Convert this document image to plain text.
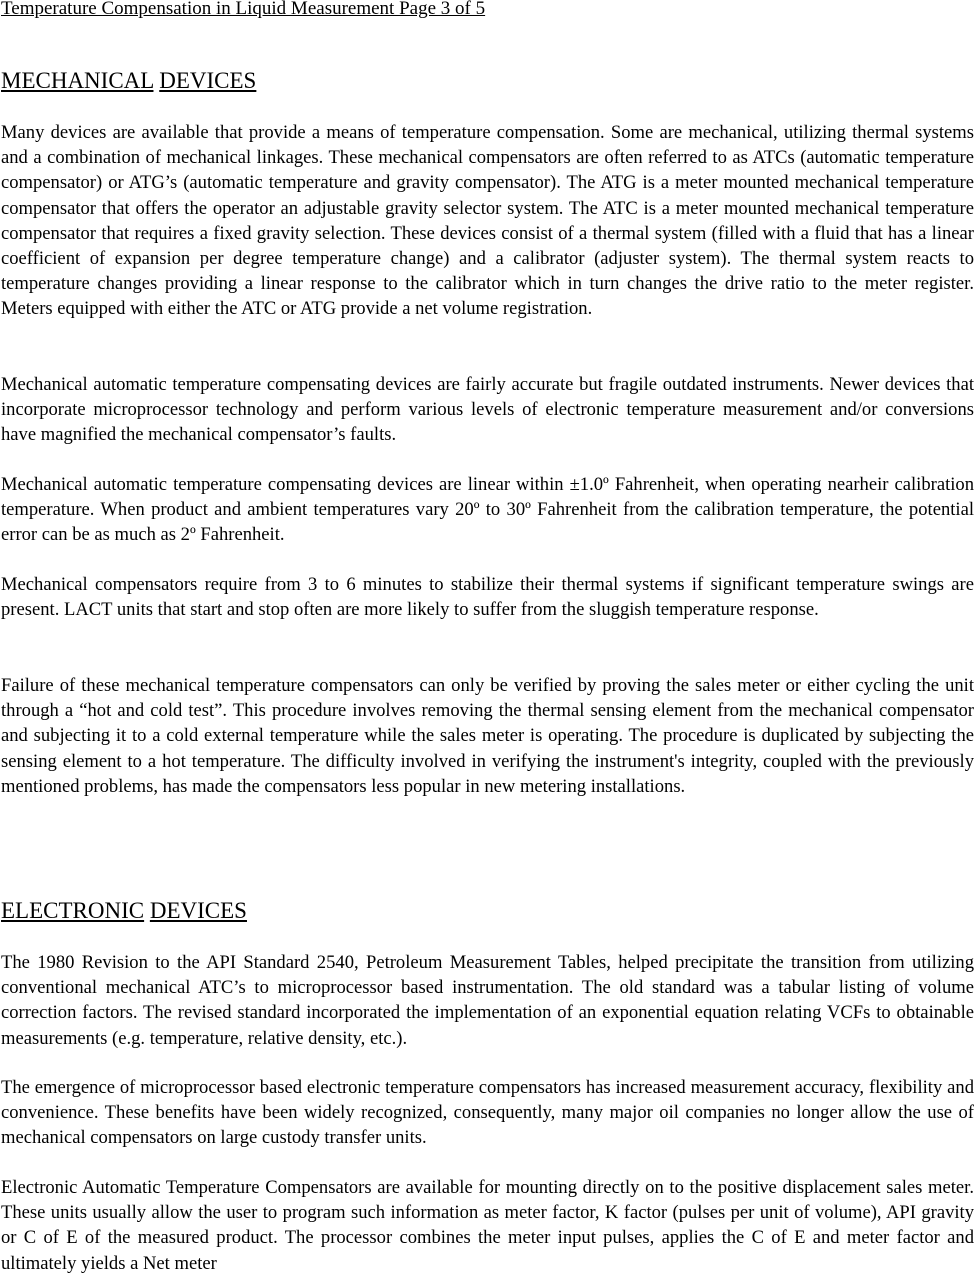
Temperature Compensation in Liquid Measurement Page 3 of 5
MECHANICAL DEVICES

Many devices are available that provide a means of temperature compensation. Some are mechanical, utilizing thermal systems and a combination of mechanical linkages. These mechanical compensators are often referred to as ATCs (automatic temperature compensator) or ATG’s (automatic temperature and gravity compensator). The ATG is a meter mounted mechanical temperature compensator that offers the operator an adjustable gravity selector system. The ATC is a meter mounted mechanical temperature compensator that requires a fixed gravity selection. These devices consist of a thermal system (filled with a fluid that has a linear coefficient of expansion per degree temperature change) and a calibrator (adjuster system). The thermal system reacts to temperature changes providing a linear response to the calibrator which in turn changes the drive ratio to the meter register. Meters equipped with either the ATC or ATG provide a net volume registration.

Mechanical automatic temperature compensating devices are fairly accurate but fragile outdated instruments. Newer devices that incorporate microprocessor technology and perform various levels of electronic temperature measurement and/or conversions have magnified the mechanical compensator’s faults.

Mechanical automatic temperature compensating devices are linear within ±1.0º Fahrenheit, when operating nearheir calibration temperature. When product and ambient temperatures vary 20º to 30º Fahrenheit from the calibration temperature, the potential error can be as much as 2º Fahrenheit.

Mechanical compensators require from 3 to 6 minutes to stabilize their thermal systems if significant temperature swings are present. LACT units that start and stop often are more likely to suffer from the sluggish temperature response.

Failure of these mechanical temperature compensators can only be verified by proving the sales meter or either cycling the unit through a “hot and cold test”. This procedure involves removing the thermal sensing element from the mechanical compensator and subjecting it to a cold external temperature while the sales meter is operating. The procedure is duplicated by subjecting the sensing element to a hot temperature. The difficulty involved in verifying the instrument's integrity, coupled with the previously mentioned problems, has made the compensators less popular in new metering installations.

ELECTRONIC DEVICES

The 1980 Revision to the API Standard 2540, Petroleum Measurement Tables, helped precipitate the transition from utilizing conventional mechanical ATC’s to microprocessor based instrumentation. The old standard was a tabular listing of volume correction factors. The revised standard incorporated the implementation of an exponential equation relating VCFs to obtainable measurements (e.g. temperature, relative density, etc.).

The emergence of microprocessor based electronic temperature compensators has increased measurement accuracy, flexibility and convenience. These benefits have been widely recognized, consequently, many major oil companies no longer allow the use of mechanical compensators on large custody transfer units.

Electronic Automatic Temperature Compensators are available for mounting directly on to the positive displacement sales meter. These units usually allow the user to program such information as meter factor, K factor (pulses per unit of volume), API gravity or C of E of the measured product. The processor combines the meter input pulses, applies the C of E and meter factor and ultimately yields a Net meter
